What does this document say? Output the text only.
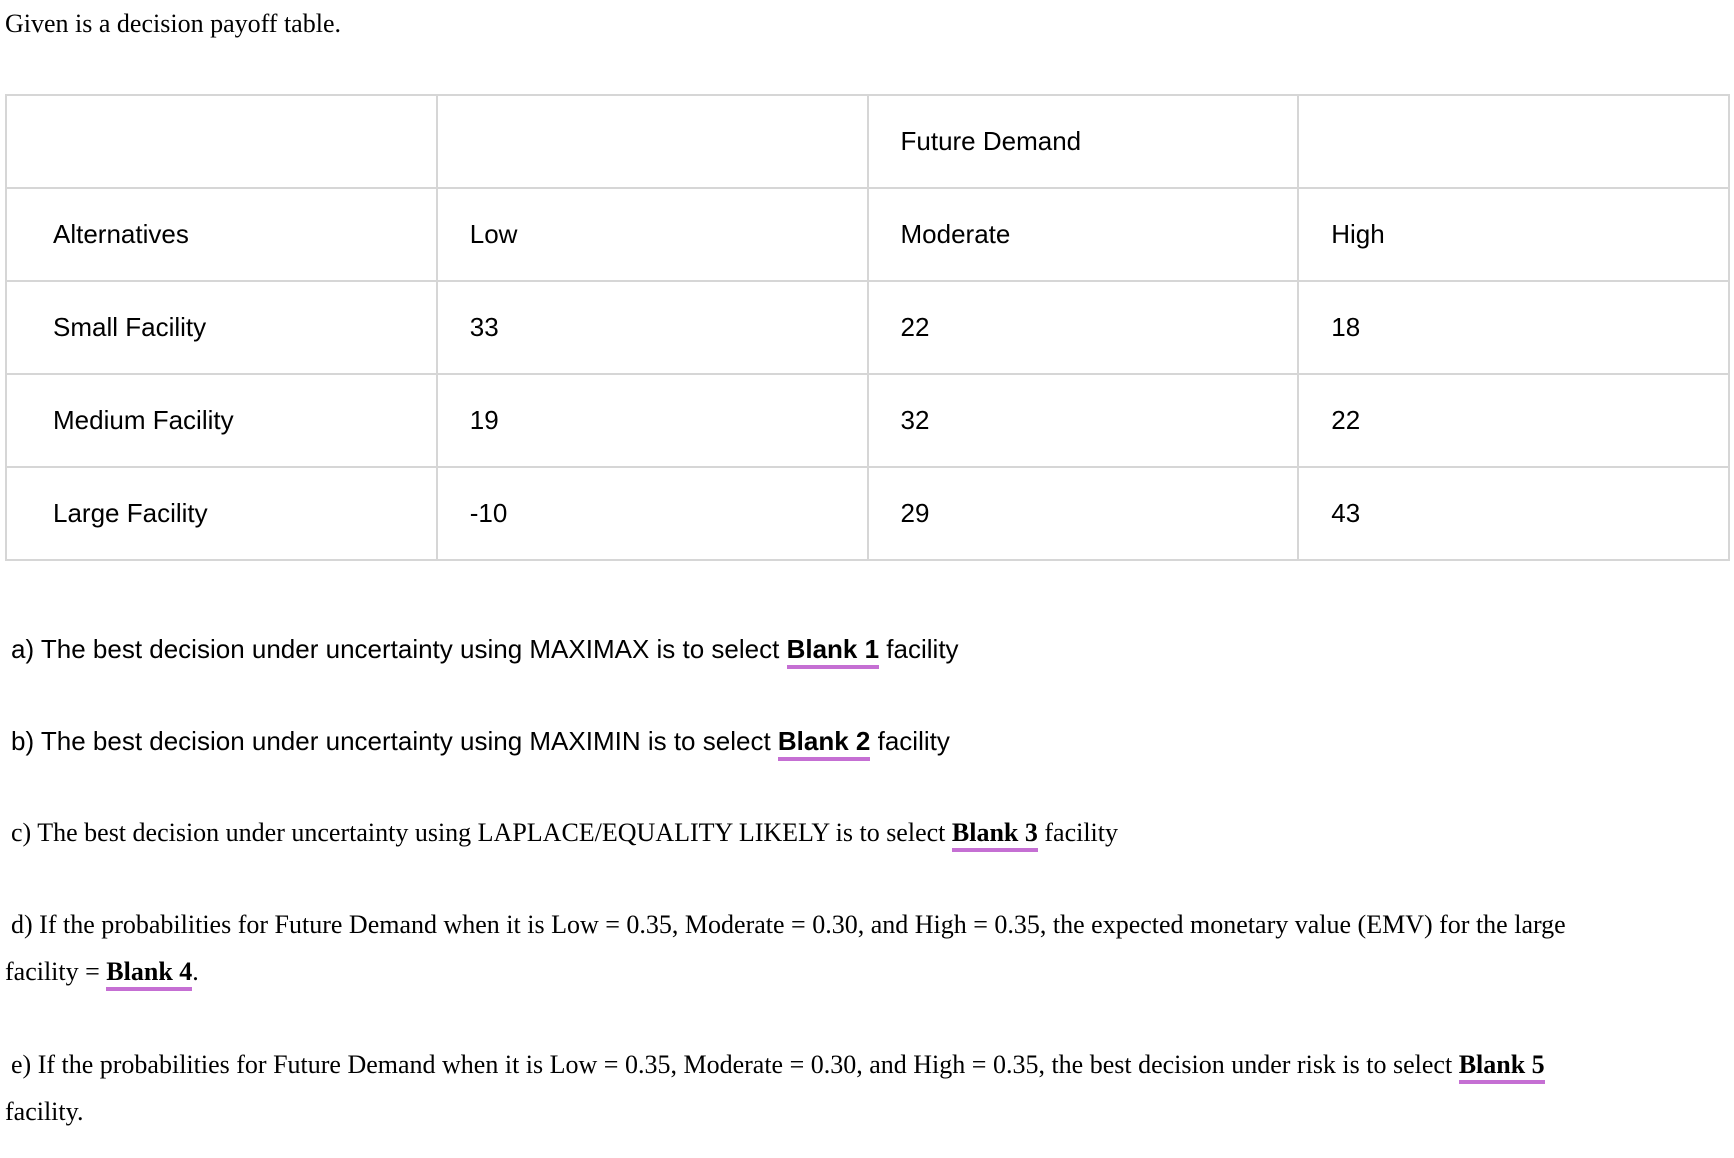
Given is a decision payoff table.
		Future Demand	
Alternatives	Low	Moderate	High
Small Facility	33	22	18
Medium Facility	19	32	22
Large Facility	-10	29	43
a) The best decision under uncertainty using MAXIMAX is to select Blank 1 facility
b) The best decision under uncertainty using MAXIMIN is to select Blank 2 facility
c) The best decision under uncertainty using LAPLACE/EQUALITY LIKELY is to select Blank 3 facility
d) If the probabilities for Future Demand when it is Low = 0.35, Moderate = 0.30, and High = 0.35, the expected monetary value (EMV) for the large
facility = Blank 4.
e) If the probabilities for Future Demand when it is Low = 0.35, Moderate = 0.30, and High = 0.35, the best decision under risk is to select Blank 5
facility.
